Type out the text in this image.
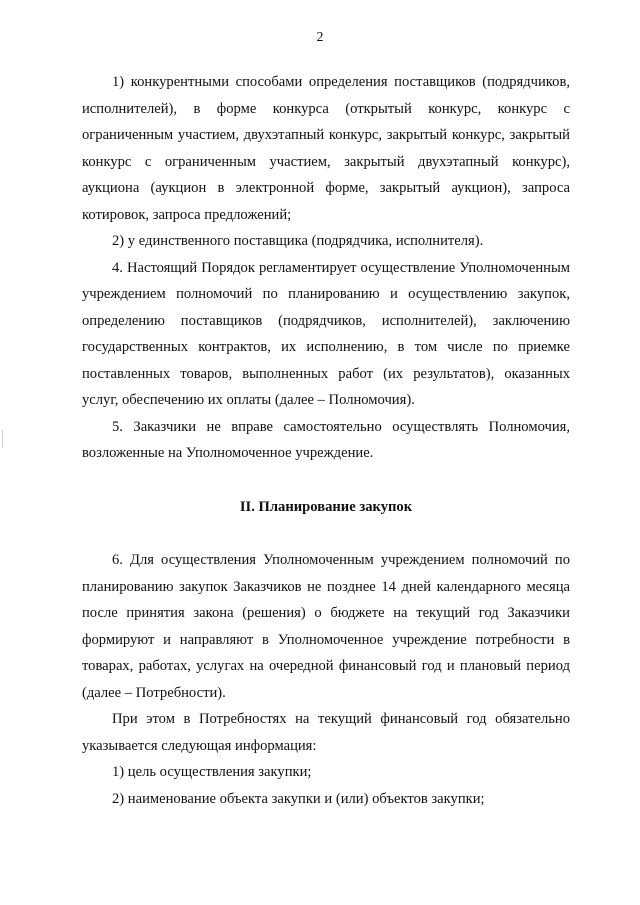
2

1) конкурентными способами определения поставщиков (подрядчиков, исполнителей), в форме конкурса (открытый конкурс, конкурс с ограниченным участием, двухэтапный конкурс, закрытый конкурс, закрытый конкурс с ограниченным участием, закрытый двухэтапный конкурс), аукциона (аукцион в электронной форме, закрытый аукцион), запроса котировок, запроса предложений;

2) у единственного поставщика (подрядчика, исполнителя).

4. Настоящий Порядок регламентирует осуществление Уполномоченным учреждением полномочий по планированию и осуществлению закупок, определению поставщиков (подрядчиков, исполнителей), заключению государственных контрактов, их исполнению, в том числе по приемке поставленных товаров, выполненных работ (их результатов), оказанных услуг, обеспечению их оплаты (далее – Полномочия).

5. Заказчики не вправе самостоятельно осуществлять Полномочия, возложенные на Уполномоченное учреждение.

II. Планирование закупок

6. Для осуществления Уполномоченным учреждением полномочий по планированию закупок Заказчиков не позднее 14 дней календарного месяца после принятия закона (решения) о бюджете на текущий год Заказчики формируют и направляют в Уполномоченное учреждение потребности в товарах, работах, услугах на очередной финансовый год и плановый период (далее – Потребности).

При этом в Потребностях на текущий финансовый год обязательно указывается следующая информация:

1) цель осуществления закупки;

2) наименование объекта закупки и (или) объектов закупки;
